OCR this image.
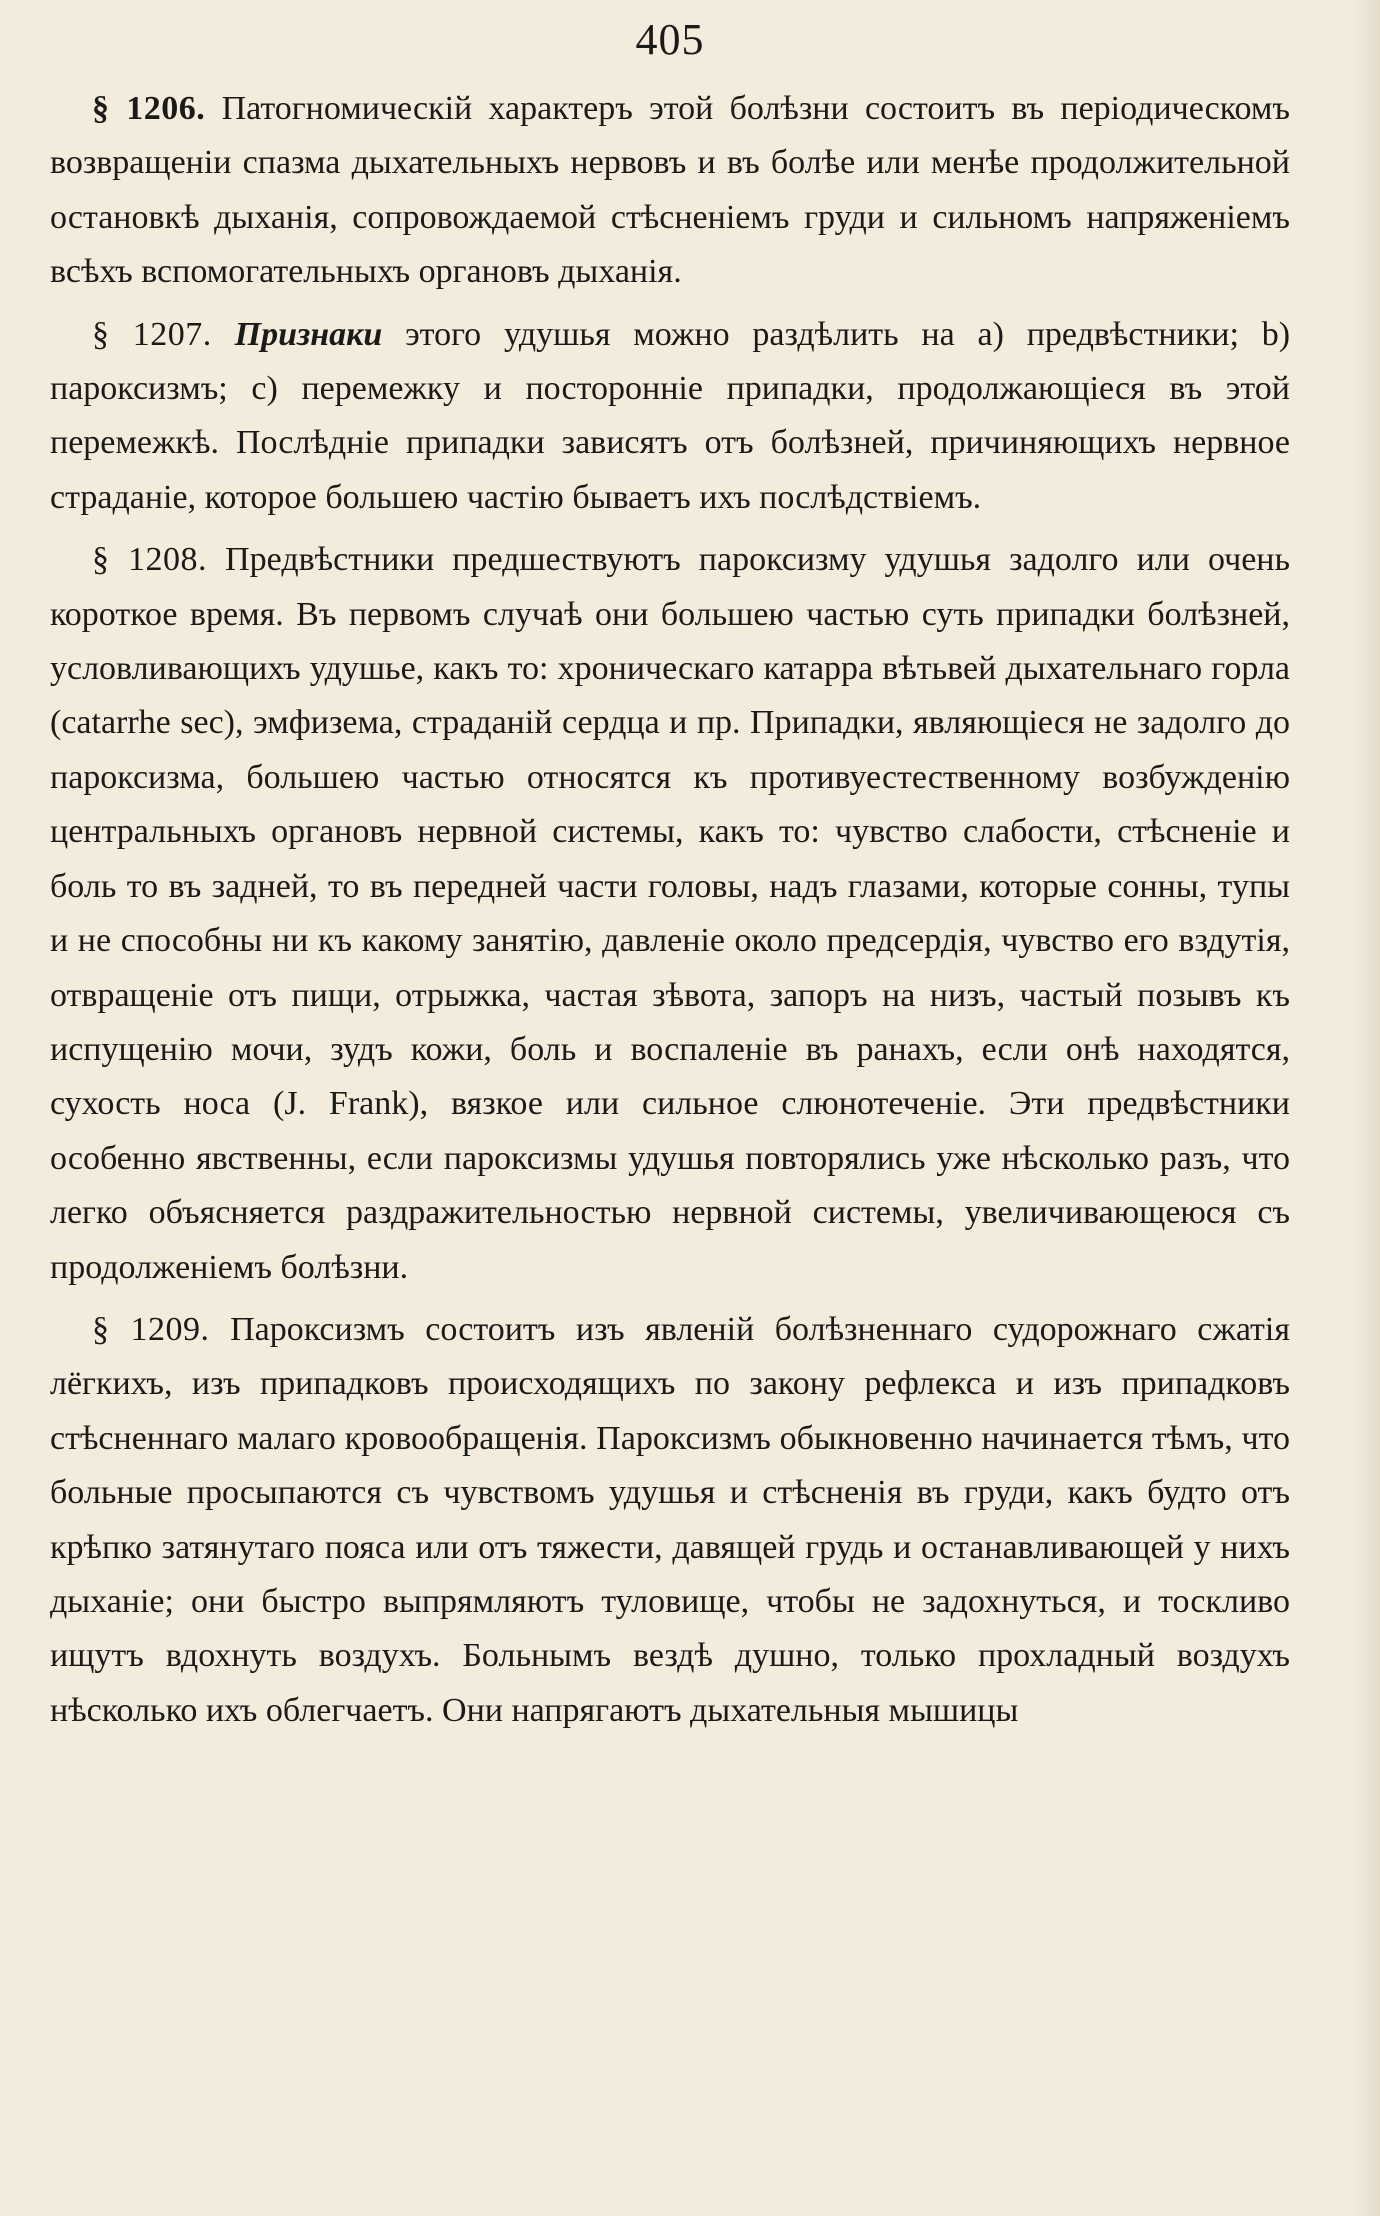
405

§ 1206. Патогномическій характеръ этой болѣзни состоитъ въ періодическомъ возвращеніи спазма дыхательныхъ нервовъ и въ болѣе или менѣе продолжительной остановкѣ дыханія, сопровождаемой стѣсненіемъ груди и сильномъ напряженіемъ всѣхъ вспомогательныхъ органовъ дыханія.

§ 1207. Признаки этого удушья можно раздѣлить на a) предвѣстники; b) пароксизмъ; c) перемежку и посторонніе припадки, продолжающіеся въ этой перемежкѣ. Послѣдніе припадки зависятъ отъ болѣзней, причиняющихъ нервное страданіе, которое большею частію бываетъ ихъ послѣдствіемъ.

§ 1208. Предвѣстники предшествуютъ пароксизму удушья задолго или очень короткое время. Въ первомъ случаѣ они большею частью суть припадки болѣзней, условливающихъ удушье, какъ то: хроническаго катарра вѣтьвей дыхательнаго горла (catarrhe sec), эмфизема, страданій сердца и пр. Припадки, являющіеся не задолго до пароксизма, большею частью относятся къ противуестественному возбужденію центральныхъ органовъ нервной системы, какъ то: чувство слабости, стѣсненіе и боль то въ задней, то въ передней части головы, надъ глазами, которые сонны, тупы и не способны ни къ какому занятію, давленіе около предсердія, чувство его вздутія, отвращеніе отъ пищи, отрыжка, частая зѣвота, запоръ на низъ, частый позывъ къ испущенію мочи, зудъ кожи, боль и воспаленіе въ ранахъ, если онѣ находятся, сухость носа (J. Frank), вязкое или сильное слюнотеченіе. Эти предвѣстники особенно явственны, если пароксизмы удушья повторялись уже нѣсколько разъ, что легко объясняется раздражительностью нервной системы, увеличивающеюся съ продолженіемъ болѣзни.

§ 1209. Пароксизмъ состоитъ изъ явленій болѣзненнаго судорожнаго сжатія лёгкихъ, изъ припадковъ происходящихъ по закону рефлекса и изъ припадковъ стѣсненнаго малаго кровообращенія. Пароксизмъ обыкновенно начинается тѣмъ, что больные просыпаются съ чувствомъ удушья и стѣсненія въ груди, какъ будто отъ крѣпко затянутаго пояса или отъ тяжести, давящей грудь и останавливающей у нихъ дыханіе; они быстро выпрямляютъ туловище, чтобы не задохнуться, и тоскливо ищутъ вдохнуть воздухъ. Больнымъ вездѣ душно, только прохладный воздухъ нѣсколько ихъ облегчаетъ. Они напрягаютъ дыхательныя мышицы
